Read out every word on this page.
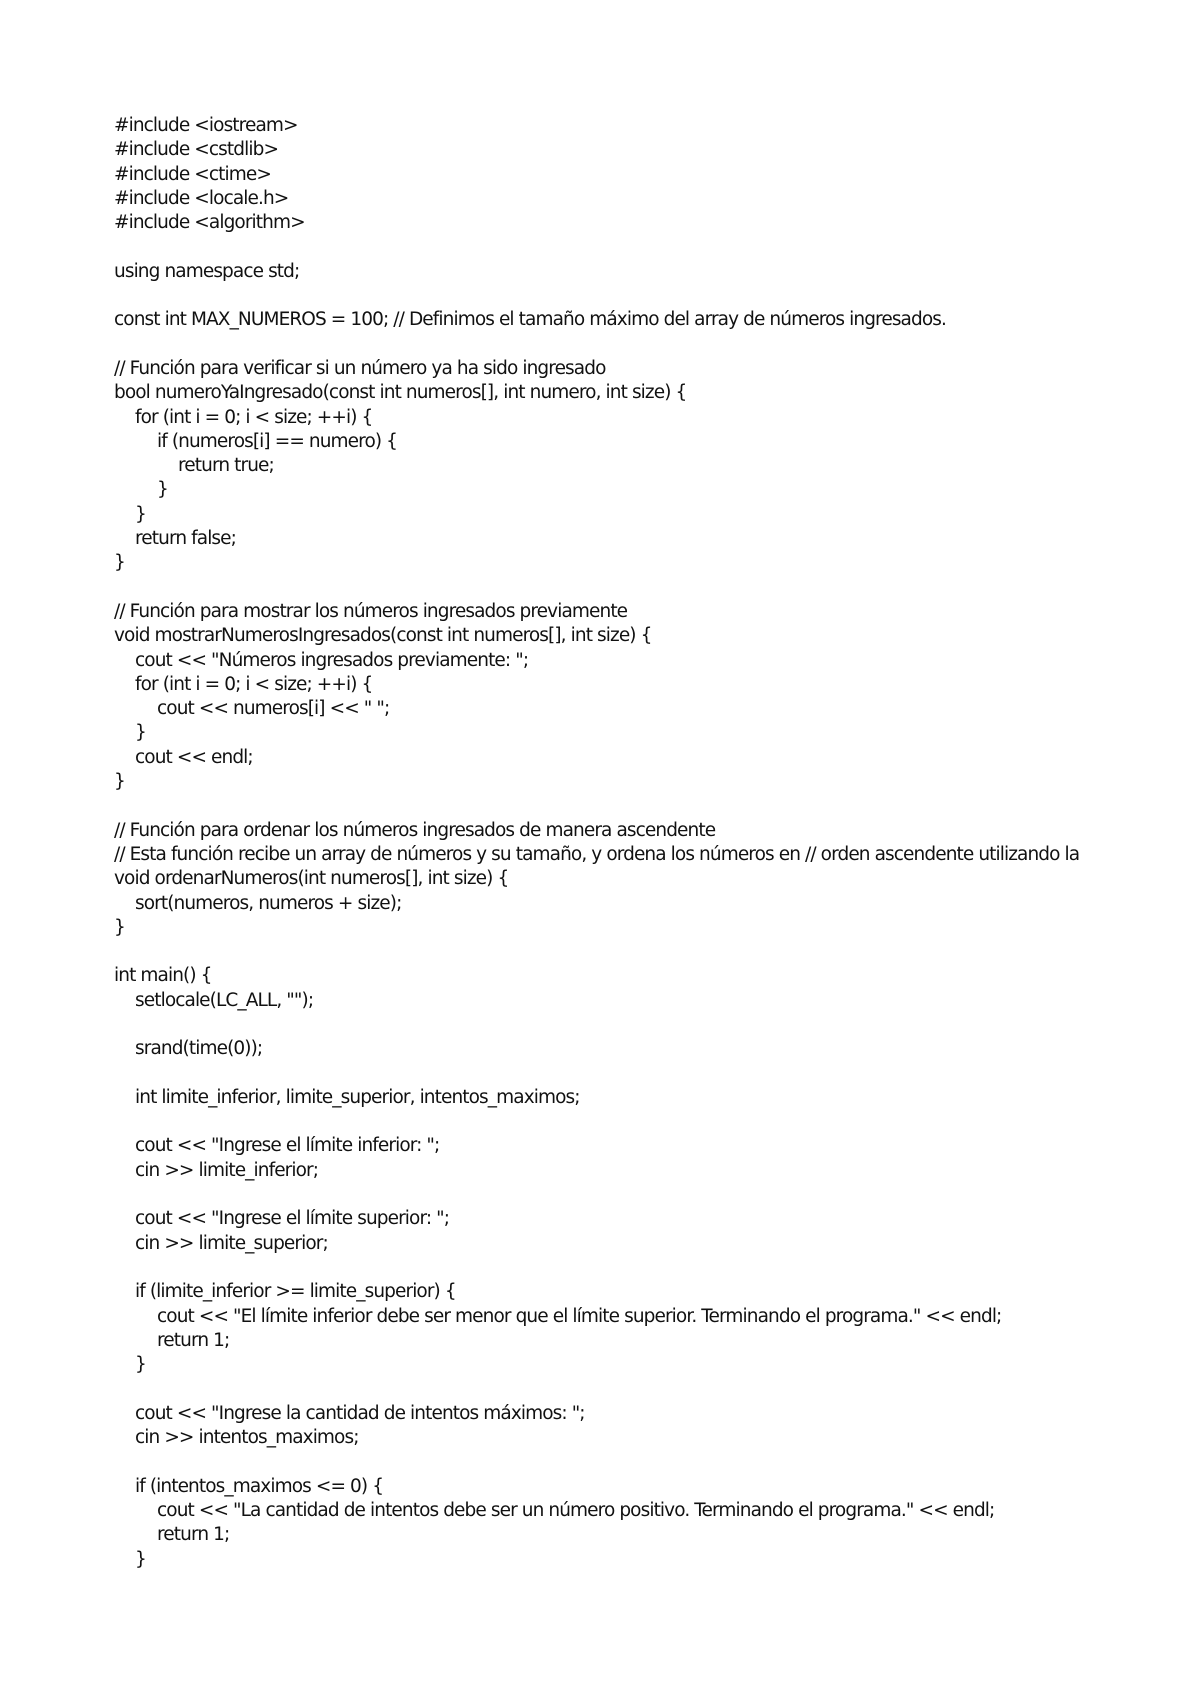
#include <iostream>
#include <cstdlib>
#include <ctime>
#include <locale.h>
#include <algorithm>
using namespace std;
const int MAX_NUMEROS = 100; // Definimos el tamaño máximo del array de números ingresados.
// Función para verificar si un número ya ha sido ingresado
bool numeroYaIngresado(const int numeros[], int numero, int size) {
for (int i = 0; i < size; ++i) {
if (numeros[i] == numero) {
return true;
}
}
return false;
}
// Función para mostrar los números ingresados previamente
void mostrarNumerosIngresados(const int numeros[], int size) {
cout << "Números ingresados previamente: ";
for (int i = 0; i < size; ++i) {
cout << numeros[i] << " ";
}
cout << endl;
}
// Función para ordenar los números ingresados de manera ascendente
// Esta función recibe un array de números y su tamaño, y ordena los números en // orden ascendente utilizando la
void ordenarNumeros(int numeros[], int size) {
sort(numeros, numeros + size);
}
int main() {
setlocale(LC_ALL, "");
srand(time(0));
int limite_inferior, limite_superior, intentos_maximos;
cout << "Ingrese el límite inferior: ";
cin >> limite_inferior;
cout << "Ingrese el límite superior: ";
cin >> limite_superior;
if (limite_inferior >= limite_superior) {
cout << "El límite inferior debe ser menor que el límite superior. Terminando el programa." << endl;
return 1;
}
cout << "Ingrese la cantidad de intentos máximos: ";
cin >> intentos_maximos;
if (intentos_maximos <= 0) {
cout << "La cantidad de intentos debe ser un número positivo. Terminando el programa." << endl;
return 1;
}
